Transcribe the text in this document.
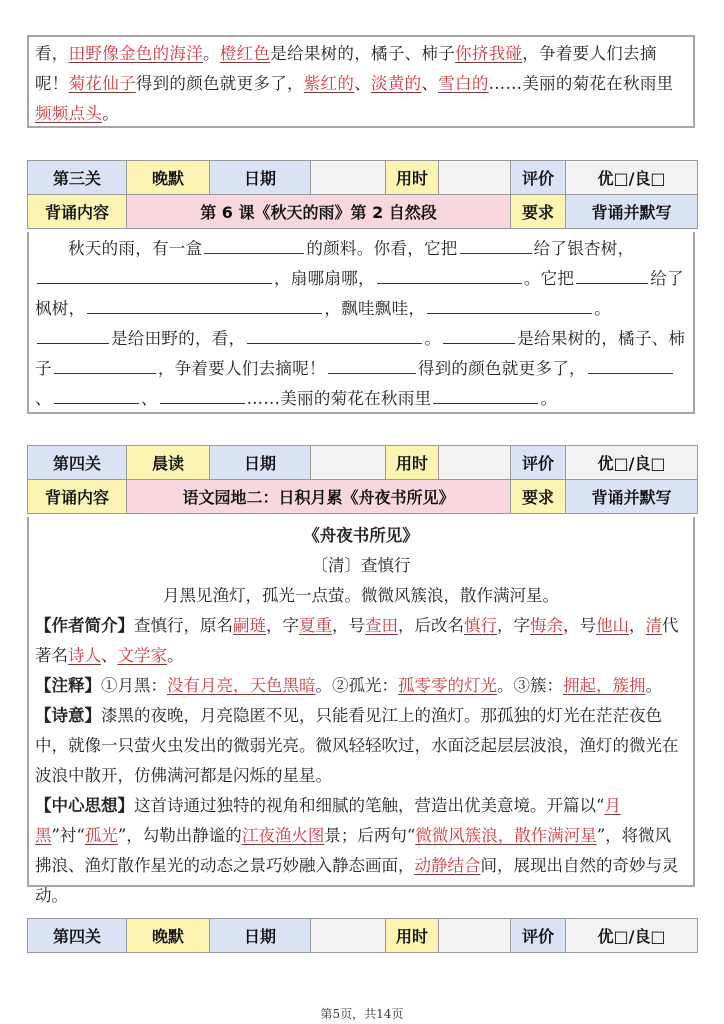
看，田野像金色的海洋。橙红色是给果树的，橘子、柿子你挤我碰，争着要人们去摘呢！菊花仙子得到的颜色就更多了，紫红的、淡黄的、雪白的……美丽的菊花在秋雨里频频点头。
第三关	晚默	日期		用时		评价	优□/良□
背诵内容	第 6 课《秋天的雨》第 2 自然段					要求	背诵并默写
秋天的雨，有一盒	的颜料。你看，它把	给了银杏树，，扇哪扇哪，	。它把	给了枫树，	，飘哇飘哇，	。是给田野的，看，	。	是给果树的，橘子、柿子	，争着要人们去摘呢！	得到的颜色就更多了，、	、	……美丽的菊花在秋雨里	。
第四关	晨读	日期		用时		评价	优□/良□
背诵内容	语文园地二：日积月累《舟夜书所见》					要求	背诵并默写
《舟夜书所见》
〔清〕查慎行
月黑见渔灯，孤光一点萤。微微风簇浪，散作满河星。
【作者简介】查慎行，原名嗣琏，字夏重，号查田，后改名慎行，字悔余，号他山，清代著名诗人、文学家。
【注释】①月黑：没有月亮，天色黑暗。②孤光：孤零零的灯光。③簇：拥起，簇拥。
【诗意】漆黑的夜晚，月亮隐匿不见，只能看见江上的渔灯。那孤独的灯光在茫茫夜色中，就像一只萤火虫发出的微弱光亮。微风轻轻吹过，水面泛起层层波浪，渔灯的微光在波浪中散开，仿佛满河都是闪烁的星星。
【中心思想】这首诗通过独特的视角和细腻的笔触，营造出优美意境。开篇以“月黑”衬“孤光”，勾勒出静谧的江夜渔火图景；后两句“微微风簇浪，散作满河星”，将微风拂浪、渔灯散作星光的动态之景巧妙融入静态画面，动静结合间，展现出自然的奇妙与灵动。
第四关	晚默	日期		用时		评价	优□/良□
第5页，共14页
